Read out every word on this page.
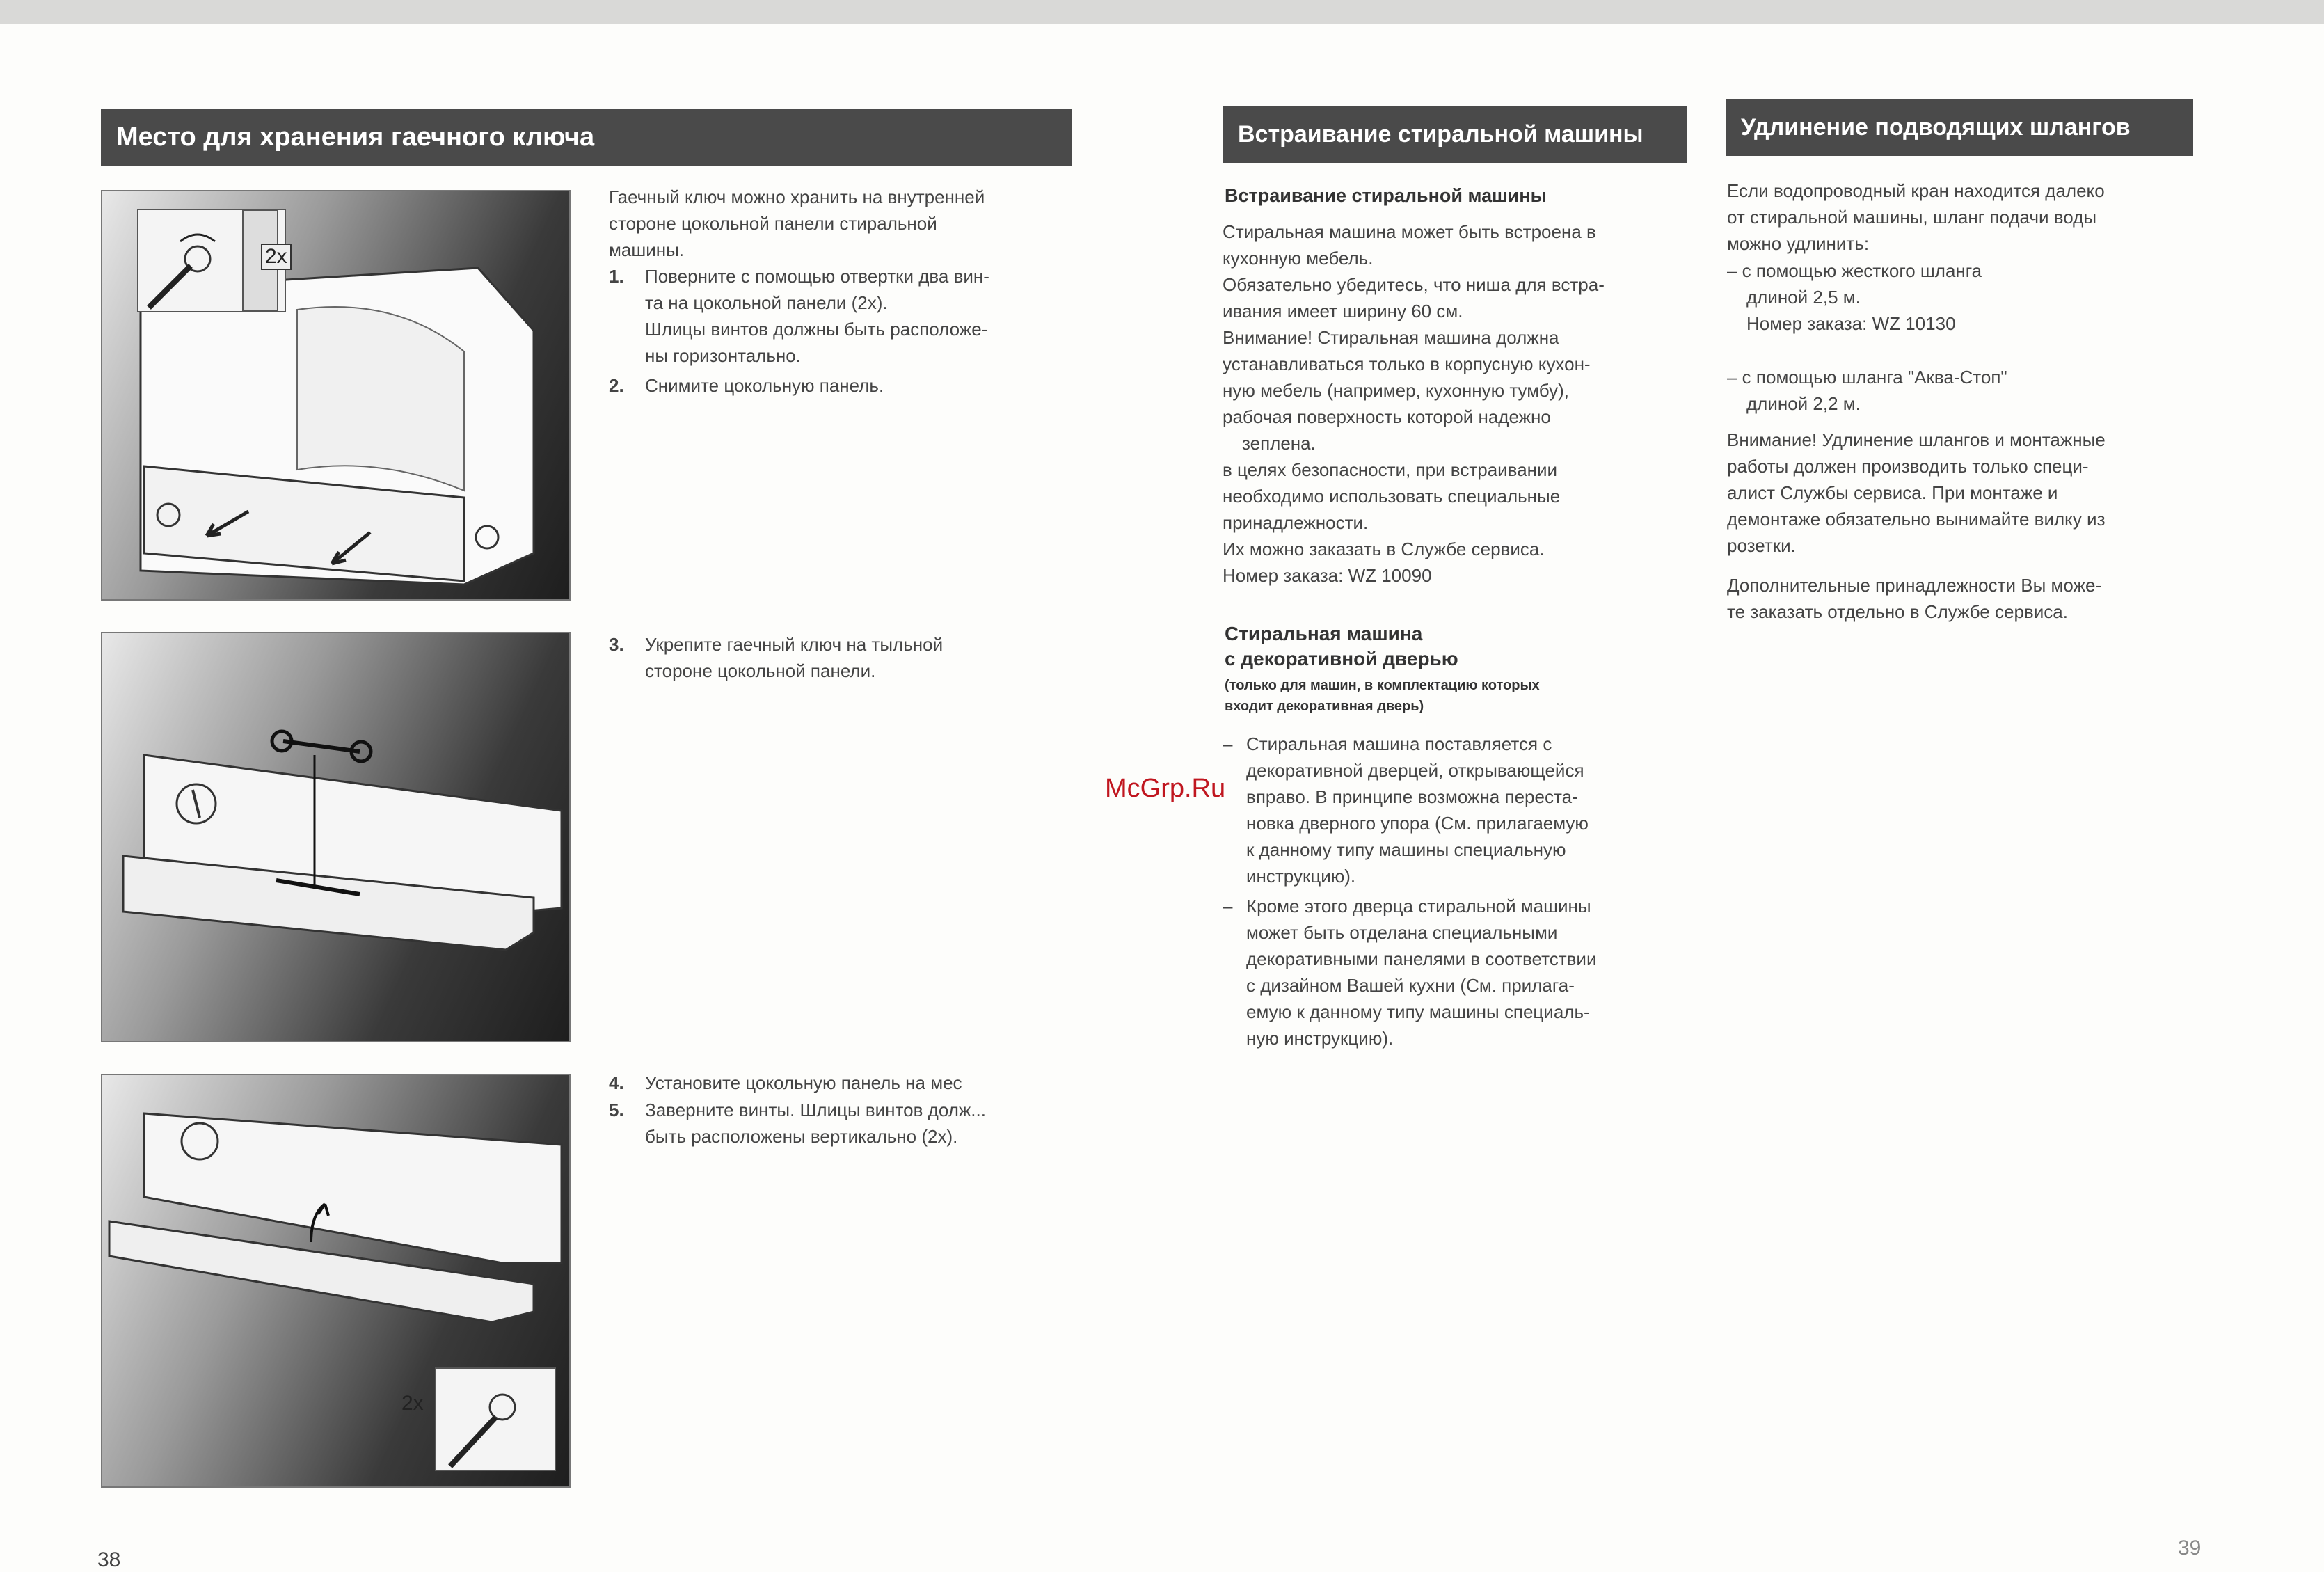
Место для хранения гаечного ключа
2x

Гаечный ключ можно хранить на внутренней

стороне цокольной панели стиральной

машины.

1. Поверните с помощью отвертки два вин-

та на цокольной панели (2х).

Шлицы винтов должны быть расположе-

ны горизонтально.

2. Снимите цокольную панель.

3. Укрепите гаечный ключ на тыльной

стороне цокольной панели.

2x
4. Установите цокольную панель на мес

5. Заверните винты. Шлицы винтов долж...

быть расположены вертикально (2х).

38
McGrp.Ru
Встраивание стиральной машины
Встраивание стиральной машины

Стиральная машина может быть встроена в

кухонную мебель.

Обязательно убедитесь, что ниша для встра-

ивания имеет ширину 60 см.

Внимание! Стиральная машина должна

устанавливаться только в корпусную кухон-

ную мебель (например, кухонную тумбу),

рабочая поверхность которой надежно

зеплена.

в целях безопасности, при встраивании

необходимо использовать специальные

принадлежности.

Их можно заказать в Службе сервиса.

Номер заказа: WZ 10090

Стиральная машина

с декоративной дверью

(только для машин, в комплектацию которых

входит декоративная дверь)

– Стиральная машина поставляется с

декоративной дверцей, открывающейся

вправо. В принципе возможна переста-

новка дверного упора (См. прилагаемую

к данному типу машины специальную

инструкцию).

– Кроме этого дверца стиральной машины

может быть отделана специальными

декоративными панелями в соответствии

с дизайном Вашей кухни (См. прилага-

емую к данному типу машины специаль-

ную инструкцию).

Удлинение подводящих шлангов

Если водопроводный кран находится далеко

от стиральной машины, шланг подачи воды

можно удлинить:

– с помощью жесткого шланга

длиной 2,5 м.

Номер заказа: WZ 10130

– с помощью шланга "Аква-Стоп"

длиной 2,2 м.

Внимание! Удлинение шлангов и монтажные

работы должен производить только специ-

алист Службы сервиса. При монтаже и

демонтаже обязательно вынимайте вилку из

розетки.

Дополнительные принадлежности Вы може-

те заказать отдельно в Службе сервиса.

39
